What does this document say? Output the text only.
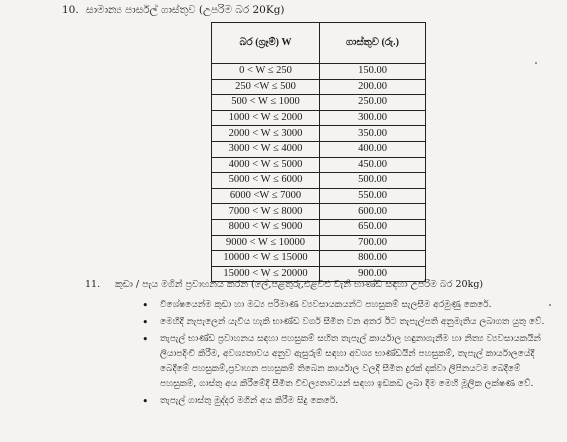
10. සාමාන්‍ය පාර්සල් ගාස්තුව (උපරිම බර 20Kg)
බර (ග්‍රෑම්) W	ගාස්තුව (රු.)
0 < W ≤ 250	150.00
250 <W ≤ 500	200.00
500 < W ≤ 1000	250.00
1000 < W ≤ 2000	300.00
2000 < W ≤ 3000	350.00
3000 < W ≤ 4000	400.00
4000 < W ≤ 5000	450.00
5000 < W ≤ 6000	500.00
6000 <W ≤ 7000	550.00
7000 < W ≤ 8000	600.00
8000 < W ≤ 9000	650.00
9000 < W ≤ 10000	700.00
10000 < W ≤ 15000	800.00
15000 < W ≤ 20000	900.00
11. කුඩා / පැය මගින් ප්‍රවාහනය කරන (ලේ,පළතුරු,එළවළු වැනි භාණ්ඩ සඳහා උපරිම බර 20kg)
• විශේෂයෙන්ම කුඩා හා මධ්‍ය පරිමාණ ව්‍යවසායකයන්ට පහසුකම් සැලසීම අරමුණු කෙරේ.
• මෙහිදී නැපැලෙන් යැවිය හැකි භාණ්ඩ වර්ග සීමිත වන අතර ඊට තැපැල්පති අනුමැතිය ලබාගත යුතු වේ.
• තැපැල් භාණ්ඩ ප්‍රවාහනය සඳහා පහසුකම් සහිත තැපැල් කාර්යාල හඳුනාගැනීම හා නිත්‍ය ව්‍යවසායකයින් ලියාපදිංචි කිරීම, අවශ්‍යතාවය අනුව ඇසුරුම් සඳහා අවශ්‍ය භාණ්ඩයින් පහසුකම්, තැපැල් කාර්යාලයේදී බෙදීමේ පහසුකම්,ප්‍රවාහන පහසුකම් තිබෙන කාර්යාල වලදී සීමිත දුරක් දක්වා ලිපිනයටම බෙදීමේ පහසුකම්, ගාස්තු අය කිරීමේදී සීමිත විචල්‍යතාවයන් සඳහා ඉඩකඩ ලබා දීම මෙහි මූලික ලක්ෂණ වේ.
• තැපැල් ගාස්තු මුද්දර මගින් අය කිරීම සිදු කෙරේ.
